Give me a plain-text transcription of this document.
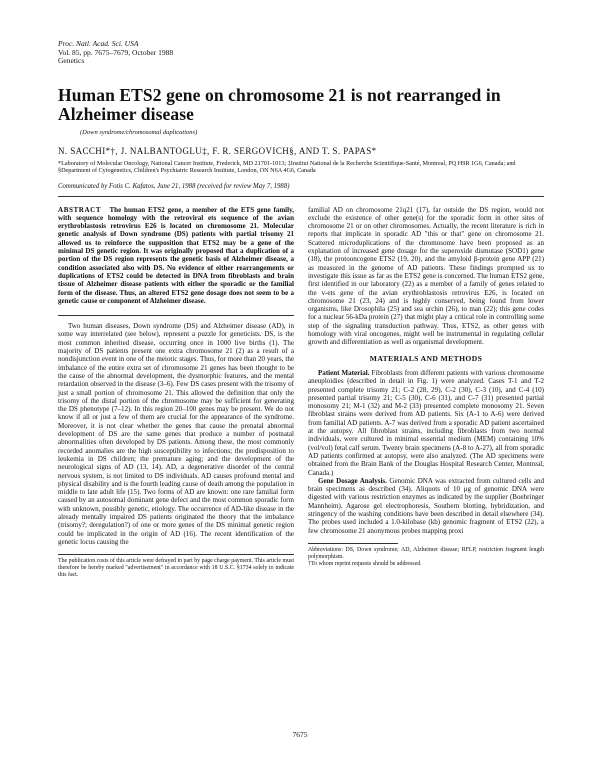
Proc. Natl. Acad. Sci. USA
Vol. 85, pp. 7675–7679, October 1988
Genetics
Human ETS2 gene on chromosome 21 is not rearranged in Alzheimer disease
(Down syndrome/chromosomal duplications)
N. SACCHI*†, J. NALBANTOGLU‡, F. R. SERGOVICH§, AND T. S. PAPAS*
*Laboratory of Molecular Oncology, National Cancer Institute, Frederick, MD 21701-1013; ‡Institut National de la Recherche Scientifique-Santé, Montreal, PQ H9R 1G6, Canada; and §Department of Cytogenetics, Children's Psychiatric Research Institute, London, ON N6A 4G6, Canada
Communicated by Fotis C. Kafatos, June 21, 1988 (received for review May 7, 1988)

ABSTRACT The human ETS2 gene, a member of the ETS gene family, with sequence homology with the retroviral ets sequence of the avian erythroblastosis retrovirus E26 is located on chromosome 21. Molecular genetic analysis of Down syndrome (DS) patients with partial trisomy 21 allowed us to reinforce the supposition that ETS2 may be a gene of the minimal DS genetic region. It was originally proposed that a duplication of a portion of the DS region represents the genetic basis of Alzheimer disease, a condition associated also with DS. No evidence of either rearrangements or duplications of ETS2 could be detected in DNA from fibroblasts and brain tissue of Alzheimer disease patients with either the sporadic or the familial form of the disease. Thus, an altered ETS2 gene dosage does not seem to be a genetic cause or component of Alzheimer disease.

Two human diseases, Down syndrome (DS) and Alzheimer disease (AD), in some way interrelated (see below), represent a puzzle for geneticists. DS, is the most common inherited disease, occurring once in 1000 live births (1). The majority of DS patients present one extra chromosome 21 (2) as a result of a nondisjunction event in one of the meiotic stages. Thus, for more than 20 years, the imbalance of the entire extra set of chromosome 21 genes has been thought to be the cause of the abnormal development, the dysmorphic features, and the mental retardation observed in the disease (3–6). Few DS cases present with the trisomy of just a small portion of chromosome 21. This allowed the definition that only the trisomy of the distal portion of the chromosome may be sufficient for generating the DS phenotype (7–12). In this region 20–100 genes may be present. We do not know if all or just a few of them are crucial for the appearance of the syndrome. Moreover, it is not clear whether the genes that cause the prenatal abnormal development of DS are the same genes that produce a number of postnatal abnormalities often developed by DS patients. Among these, the most commonly recorded anomalies are the high susceptibility to infections; the predisposition to leukemia in DS children; the premature aging; and the development of the neurological signs of AD (13, 14). AD, a degenerative disorder of the central nervous system, is not limited to DS individuals. AD causes profound mental and physical disability and is the fourth leading cause of death among the population in middle to late adult life (15). Two forms of AD are known: one rare familial form caused by an autosomal dominant gene defect and the most common sporadic form with unknown, possibly genetic, etiology. The occurrence of AD-like disease in the already mentally impaired DS patients originated the theory that the imbalance (trisomy?; deregulation?) of one or more genes of the DS minimal genetic region could be implicated in the origin of AD (16). The recent identification of the genetic locus causing the

The publication costs of this article were defrayed in part by page charge payment. This article must therefore be hereby marked "advertisement" in accordance with 18 U.S.C. §1734 solely to indicate this fact.

familial AD on chromosome 21q21 (17), far outside the DS region, would not exclude the existence of other gene(s) for the sporadic form in other sites of chromosome 21 or on other chromosomes. Actually, the recent literature is rich in reports that implicate in sporadic AD "this or that" gene on chromosome 21. Scattered microduplications of the chromosome have been proposed as an explanation of increased gene dosage for the superoxide dismutase (SOD1) gene (18), the protooncogene ETS2 (19, 20), and the amyloid β-protein gene APP (21) as measured in the genome of AD patients. These findings prompted us to investigate this issue as far as the ETS2 gene is concerned. The human ETS2 gene, first identified in our laboratory (22) as a member of a family of genes related to the v-ets gene of the avian erythroblastosis retrovirus E26, is located on chromosome 21 (23, 24) and is highly conserved, being found from lower organisms, like Drosophila (25) and sea urchin (26), to man (22); this gene codes for a nuclear 56-kDa protein (27) that might play a critical role in controlling some step of the signaling transduction pathway. Thus, ETS2, as other genes with homology with viral oncogenes, might well be instrumental in regulating cellular growth and differentiation as well as organismal development.

MATERIALS AND METHODS

Patient Material. Fibroblasts from different patients with various chromosome aneuploidies (described in detail in Fig. 1) were analyzed. Cases T-1 and T-2 presented complete trisomy 21; C-2 (28, 29), C-2 (30), C-3 (10), and C-4 (10) presented partial trisomy 21; C-5 (30), C-6 (31), and C-7 (31) presented partial monosomy 21; M-1 (32) and M-2 (33) presented complete monosomy 21. Seven fibroblast strains were derived from AD patients. Six (A-1 to A-6) were derived from familial AD patients. A-7 was derived from a sporadic AD patient ascertained at the autopsy. All fibroblast strains, including fibroblasts from two normal individuals, were cultured in minimal essential medium (MEM) containing 10% (vol/vol) fetal calf serum. Twenty brain specimens (A-8 to A-27), all from sporadic AD patients confirmed at autopsy, were also analyzed. (The AD specimens were obtained from the Brain Bank of the Douglas Hospital Research Center, Montreal, Canada.)

Gene Dosage Analysis. Genomic DNA was extracted from cultured cells and brain specimens as described (34). Aliquots of 10 μg of genomic DNA were digested with various restriction enzymes as indicated by the supplier (Boehringer Mannheim). Agarose gel electrophoresis, Southern blotting, hybridization, and stringency of the washing conditions have been described in detail elsewhere (34). The probes used included a 1.0-kilobase (kb) genomic fragment of ETS2 (22), a few chromosome 21 anonymous probes mapping proxi

Abbreviations: DS, Down syndrome; AD, Alzheimer disease; RFLP, restriction fragment length polymorphism.

†To whom reprint requests should be addressed.

7675
